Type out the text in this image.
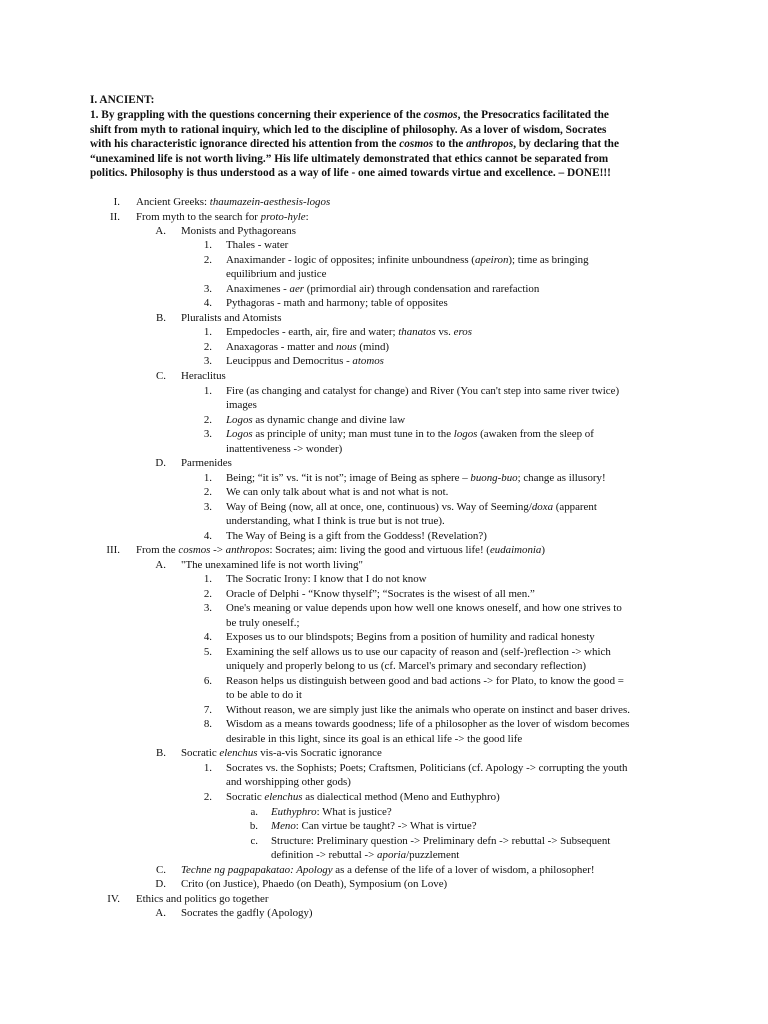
I. ANCIENT:
1. By grappling with the questions concerning their experience of the cosmos, the Presocratics facilitated the
shift from myth to rational inquiry, which led to the discipline of philosophy. As a lover of wisdom, Socrates
with his characteristic ignorance directed his attention from the cosmos to the anthropos, by declaring that the
“unexamined life is not worth living.” His life ultimately demonstrated that ethics cannot be separated from
politics. Philosophy is thus understood as a way of life - one aimed towards virtue and excellence. – DONE!!!
I. Ancient Greeks: thaumazein-aesthesis-logos
II. From myth to the search for proto-hyle:
A. Monists and Pythagoreans
1. Thales - water
2. Anaximander - logic of opposites; infinite unboundness (apeiron); time as bringing
equilibrium and justice
3. Anaximenes - aer (primordial air) through condensation and rarefaction
4. Pythagoras - math and harmony; table of opposites
B. Pluralists and Atomists
1. Empedocles - earth, air, fire and water; thanatos vs. eros
2. Anaxagoras - matter and nous (mind)
3. Leucippus and Democritus - atomos
C. Heraclitus
1. Fire (as changing and catalyst for change) and River (You can't step into same river twice)
images
2. Logos as dynamic change and divine law
3. Logos as principle of unity; man must tune in to the logos (awaken from the sleep of
inattentiveness -> wonder)
D. Parmenides
1. Being; “it is” vs. “it is not”; image of Being as sphere – buong-buo; change as illusory!
2. We can only talk about what is and not what is not.
3. Way of Being (now, all at once, one, continuous) vs. Way of Seeming/doxa (apparent
understanding, what I think is true but is not true).
4. The Way of Being is a gift from the Goddess! (Revelation?)
III. From the cosmos -> anthropos: Socrates; aim: living the good and virtuous life! (eudaimonia)
A. "The unexamined life is not worth living"
1. The Socratic Irony: I know that I do not know
2. Oracle of Delphi - “Know thyself”; “Socrates is the wisest of all men.”
3. One's meaning or value depends upon how well one knows oneself, and how one strives to
be truly oneself.;
4. Exposes us to our blindspots; Begins from a position of humility and radical honesty
5. Examining the self allows us to use our capacity of reason and (self-)reflection -> which
uniquely and properly belong to us (cf. Marcel's primary and secondary reflection)
6. Reason helps us distinguish between good and bad actions -> for Plato, to know the good =
to be able to do it
7. Without reason, we are simply just like the animals who operate on instinct and baser drives.
8. Wisdom as a means towards goodness; life of a philosopher as the lover of wisdom becomes
desirable in this light, since its goal is an ethical life -> the good life
B. Socratic elenchus vis-a-vis Socratic ignorance
1. Socrates vs. the Sophists; Poets; Craftsmen, Politicians (cf. Apology -> corrupting the youth
and worshipping other gods)
2. Socratic elenchus as dialectical method (Meno and Euthyphro)
a. Euthyphro: What is justice?
b. Meno: Can virtue be taught? -> What is virtue?
c. Structure: Preliminary question -> Preliminary defn -> rebuttal -> Subsequent
definition -> rebuttal -> aporia/puzzlement
C. Techne ng pagpapakatao: Apology as a defense of the life of a lover of wisdom, a philosopher!
D. Crito (on Justice), Phaedo (on Death), Symposium (on Love)
IV. Ethics and politics go together
A. Socrates the gadfly (Apology)
